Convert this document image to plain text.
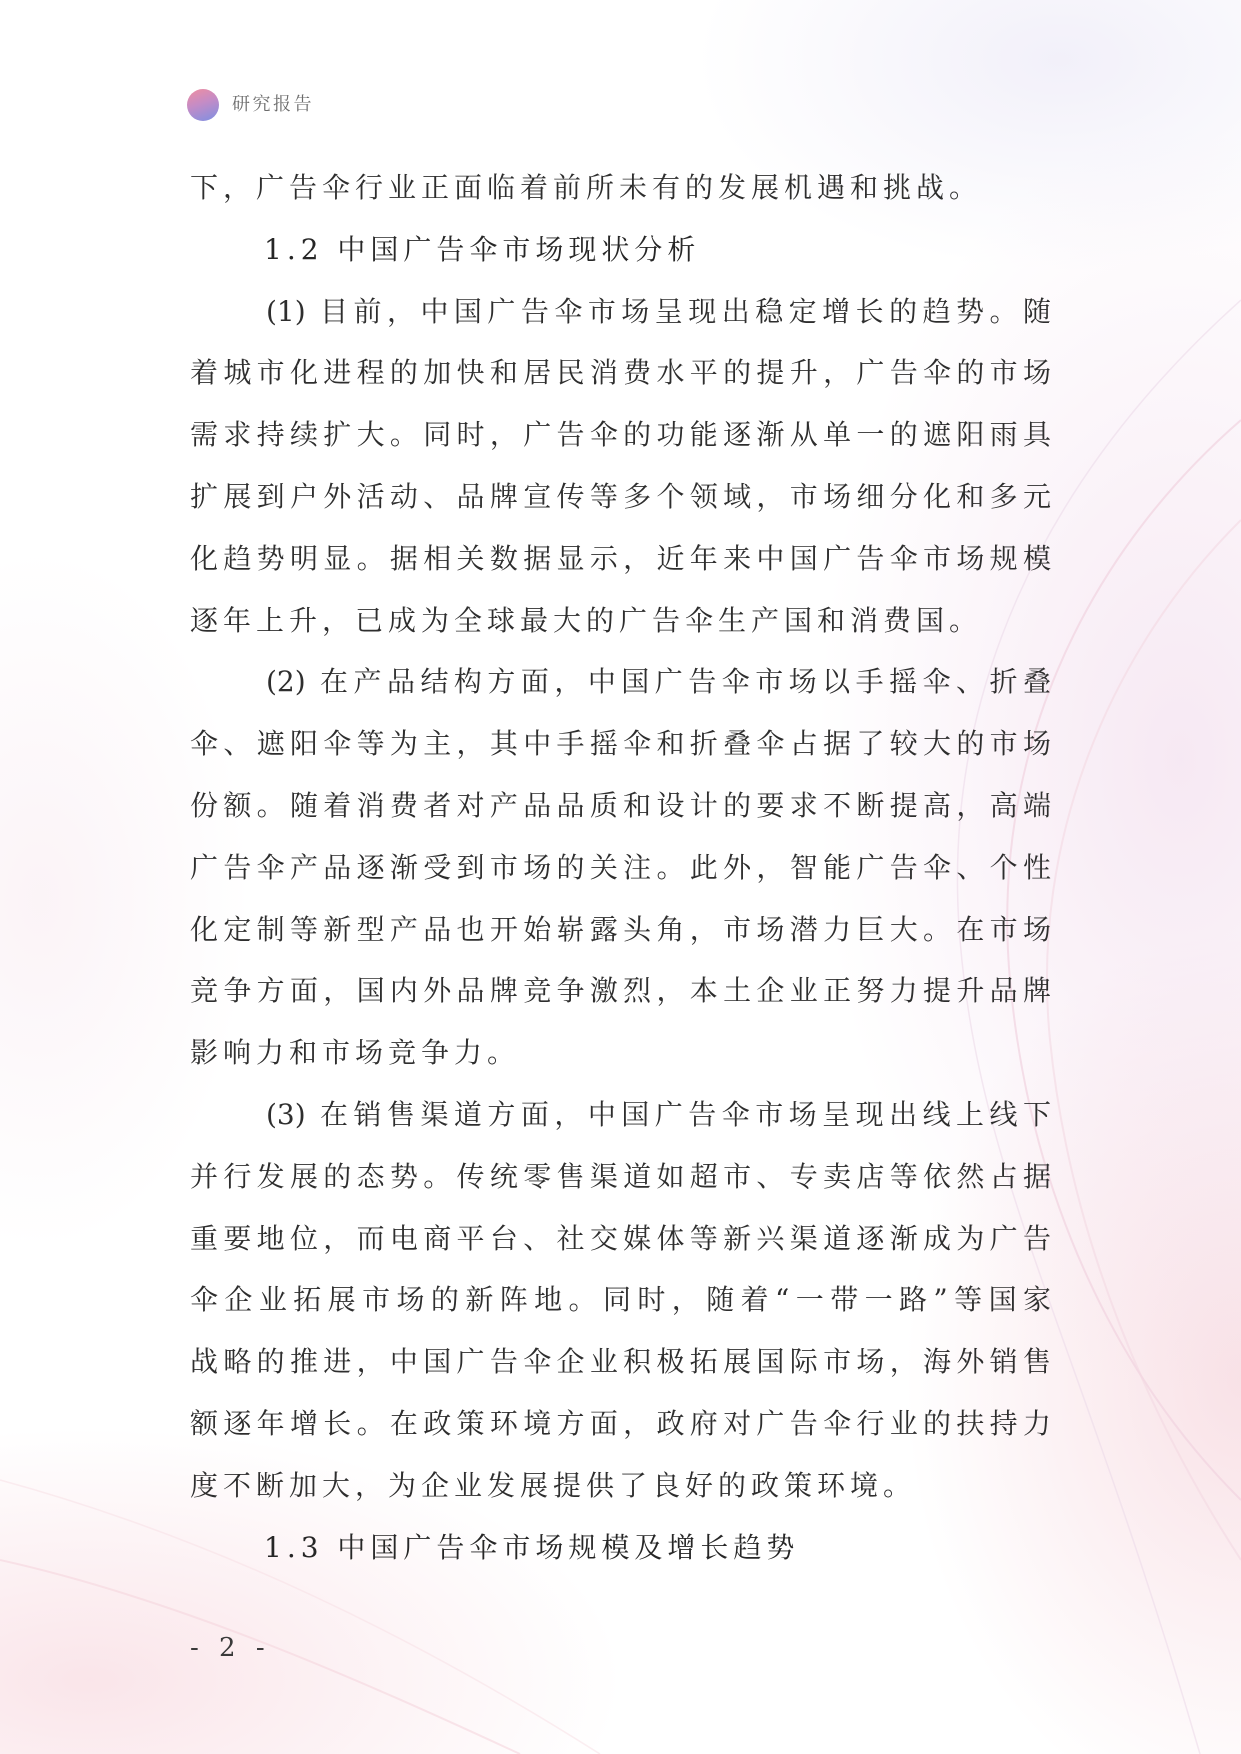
研究报告
下，广告伞行业正面临着前所未有的发展机遇和挑战。
1.2 中国广告伞市场现状分析
(1) 目前，中国广告伞市场呈现出稳定增长的趋势。随
着城市化进程的加快和居民消费水平的提升，广告伞的市场
需求持续扩大。同时，广告伞的功能逐渐从单一的遮阳雨具
扩展到户外活动、品牌宣传等多个领域，市场细分化和多元
化趋势明显。据相关数据显示，近年来中国广告伞市场规模
逐年上升，已成为全球最大的广告伞生产国和消费国。
(2) 在产品结构方面，中国广告伞市场以手摇伞、折叠
伞、遮阳伞等为主，其中手摇伞和折叠伞占据了较大的市场
份额。随着消费者对产品品质和设计的要求不断提高，高端
广告伞产品逐渐受到市场的关注。此外，智能广告伞、个性
化定制等新型产品也开始崭露头角，市场潜力巨大。在市场
竞争方面，国内外品牌竞争激烈，本土企业正努力提升品牌
影响力和市场竞争力。
(3) 在销售渠道方面，中国广告伞市场呈现出线上线下
并行发展的态势。传统零售渠道如超市、专卖店等依然占据
重要地位，而电商平台、社交媒体等新兴渠道逐渐成为广告
伞企业拓展市场的新阵地。同时，随着“一带一路”等国家
战略的推进，中国广告伞企业积极拓展国际市场，海外销售
额逐年增长。在政策环境方面，政府对广告伞行业的扶持力
度不断加大，为企业发展提供了良好的政策环境。
1.3 中国广告伞市场规模及增长趋势
- 2 -
